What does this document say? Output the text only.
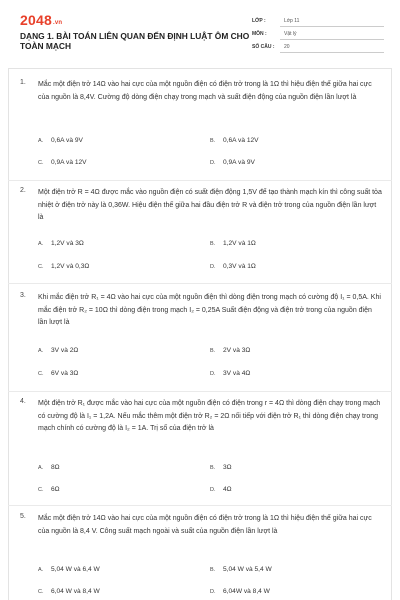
2048.vn
DẠNG 1. BÀI TOÁN LIÊN QUAN ĐẾN ĐỊNH LUẬT ÔM CHO TOÀN MẠCH
LỚP :	Lớp 11
MÔN :	Vật lý
SỐ CÂU : 20
1. Mắc một điện trở 14Ω vào hai cực của một nguồn điện có điện trở trong là 1Ω thì hiệu điện thế giữa hai cực của nguồn là 8,4V. Cường độ dòng điện chạy trong mạch và suất điện động của nguồn điện lần lượt là
A. 0,6A và 9V	B. 0,6A và 12V
C. 0,9A và 12V	D. 0,9A và 9V
2. Một điện trở R = 4Ω được mắc vào nguồn điện có suất điện động 1,5V để tạo thành mạch kín thì công suất tỏa nhiệt ở điện trở này là 0,36W. Hiệu điện thế giữa hai đầu điện trở R và điện trở trong của nguồn điện lần lượt là
A. 1,2V và 3Ω	B. 1,2V và 1Ω
C. 1,2V và 0,3Ω	D. 0,3V và 1Ω
3. Khi mắc điện trở R₁ = 4Ω vào hai cực của một nguồn điện thì dòng điện trong mạch có cường độ I₁ = 0,5A. Khi mắc điện trở R₂ = 10Ω thì dòng điện trong mạch I₂ = 0,25A Suất điện động và điện trở trong của nguồn điện lần lượt là
A. 3V và 2Ω	B. 2V và 3Ω
C. 6V và 3Ω	D. 3V và 4Ω
4. Một điện trở R₁ được mắc vào hai cực của một nguồn điện có điện trong r = 4Ω thì dòng điện chạy trong mạch có cường độ là I₁ = 1,2A. Nếu mắc thêm một điện trở R₂ = 2Ω nối tiếp với điện trở R₁ thì dòng điện chạy trong mạch chính có cường độ là I₂ = 1A. Trị số của điện trở là
A. 8Ω	B. 3Ω
C. 6Ω	D. 4Ω
5. Mắc một điện trở 14Ω vào hai cực của một nguồn điện có điện trở trong là 1Ω thì hiệu điện thế giữa hai cực của nguồn là 8,4 V. Công suất mạch ngoài và suất của nguồn điện lần lượt là
A. 5,04 W và 6,4 W	B. 5,04 W và 5,4 W
C. 6,04 W và 8,4 W	D. 6,04W và 8,4 W
